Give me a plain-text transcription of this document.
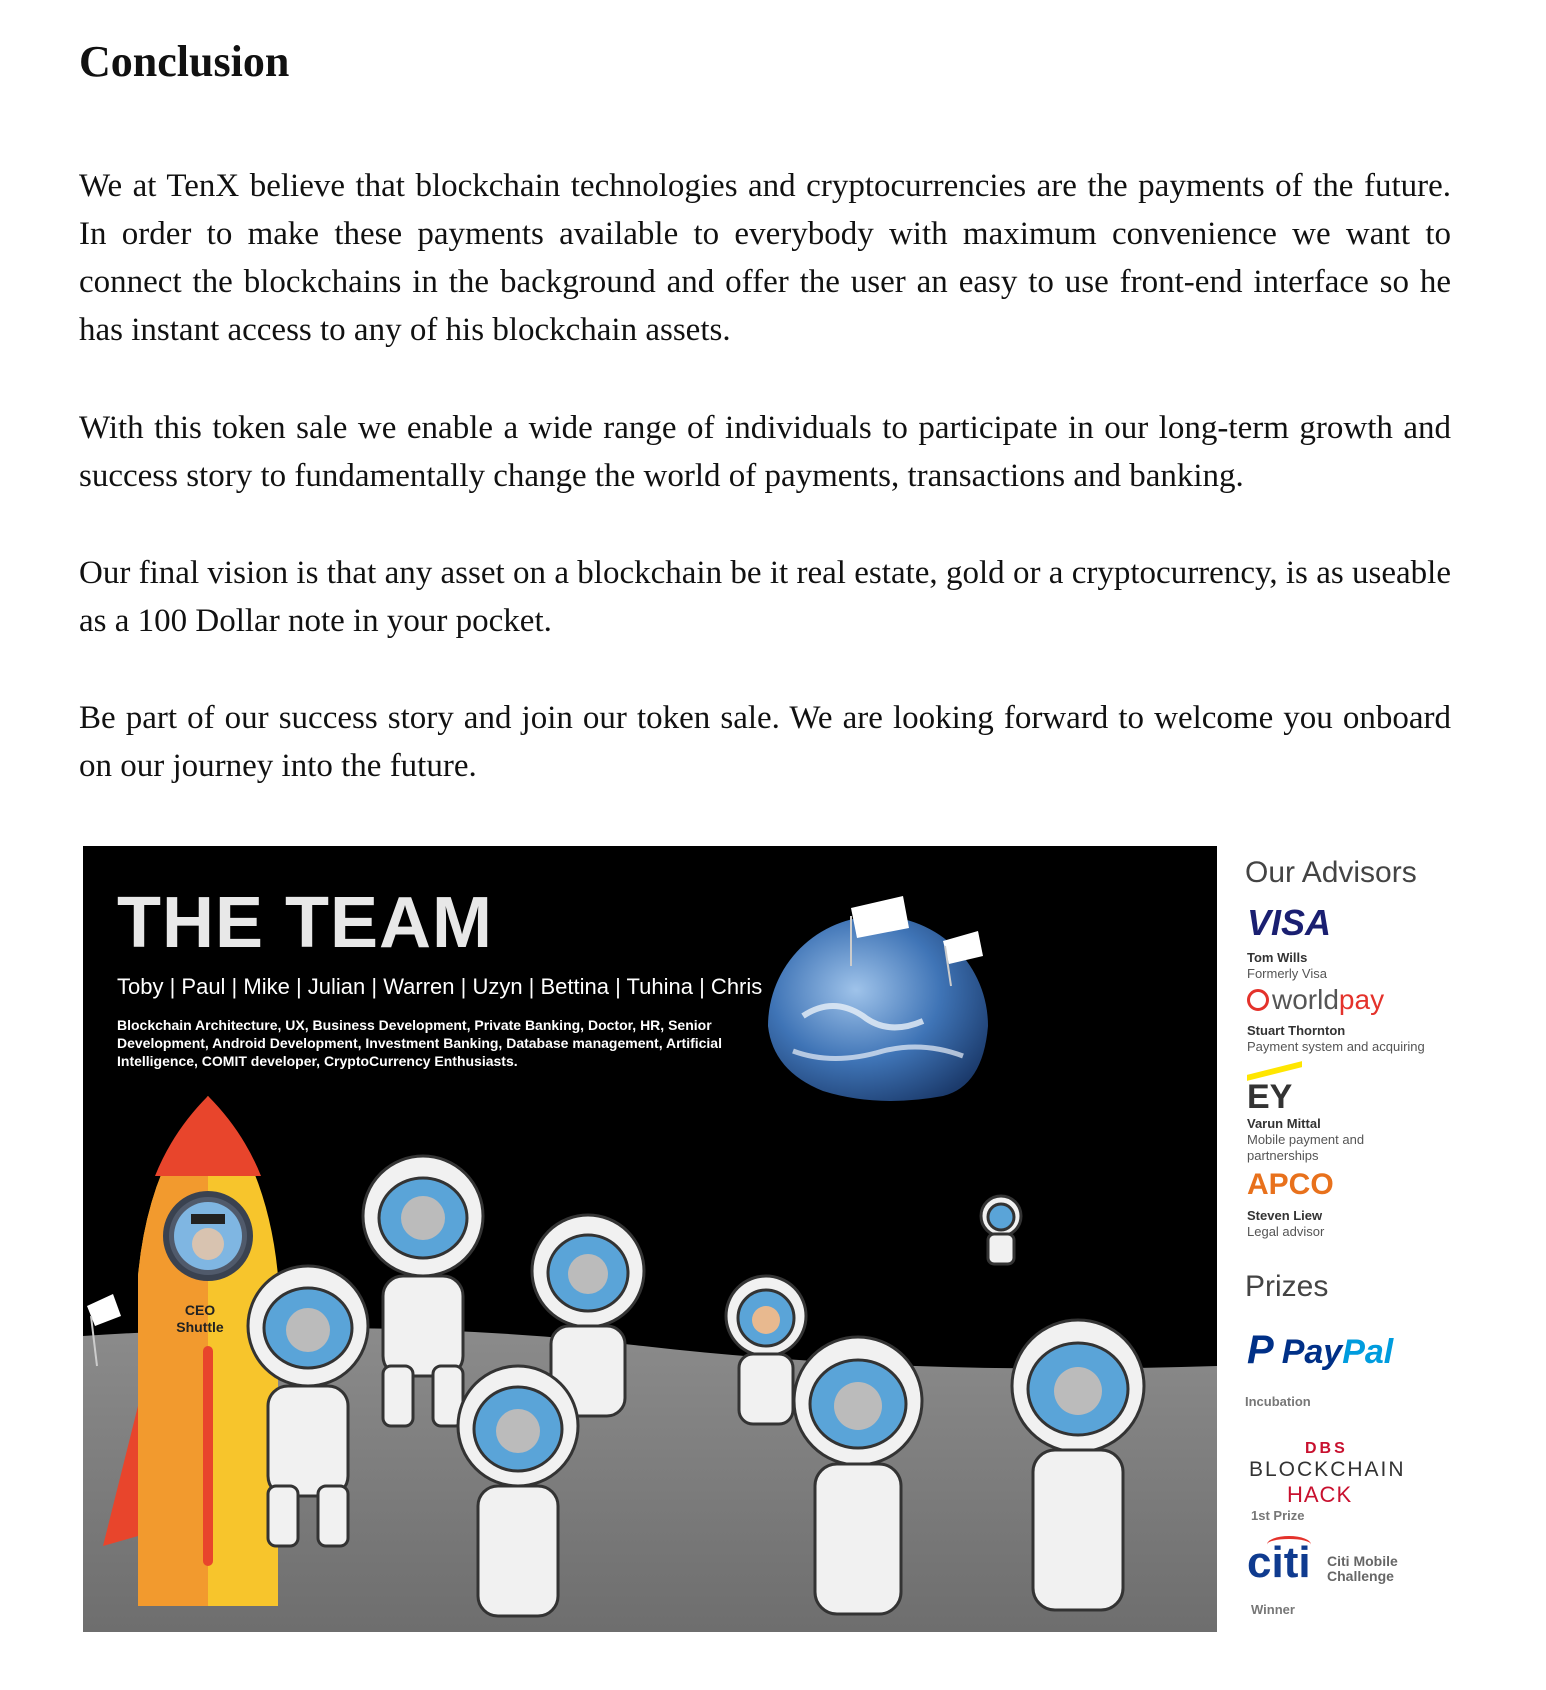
Conclusion

We at TenX believe that blockchain technologies and cryptocurrencies are the payments of the future. In order to make these payments available to everybody with maximum convenience we want to connect the blockchains in the background and offer the user an easy to use front-end interface so he has instant access to any of his blockchain assets.

With this token sale we enable a wide range of individuals to participate in our long-term growth and success story to fundamentally change the world of payments, transactions and banking.

Our final vision is that any asset on a blockchain be it real estate, gold or a cryptocurrency, is as useable as a 100 Dollar note in your pocket.

Be part of our success story and join our token sale. We are looking forward to welcome you onboard on our journey into the future.

THE TEAM
Toby | Paul | Mike | Julian | Warren | Uzyn | Bettina | Tuhina | Chris
Blockchain Architecture, UX, Business Development, Private Banking, Doctor, HR, Senior Development, Android Development, Investment Banking, Database management, Artificial Intelligence, COMIT developer, CryptoCurrency Enthusiasts.
CEO
Shuttle
Our Advisors
VISA
Tom Wills
Formerly Visa
worldpay
Stuart Thornton
Payment system and acquiring
EY
Varun Mittal
Mobile payment and partnerships
APCO
Steven Liew
Legal advisor
Prizes
P PayPal
Incubation
DBS
BLOCKCHAIN
HACK
1st Prize
citi Citi Mobile
Challenge
Winner
